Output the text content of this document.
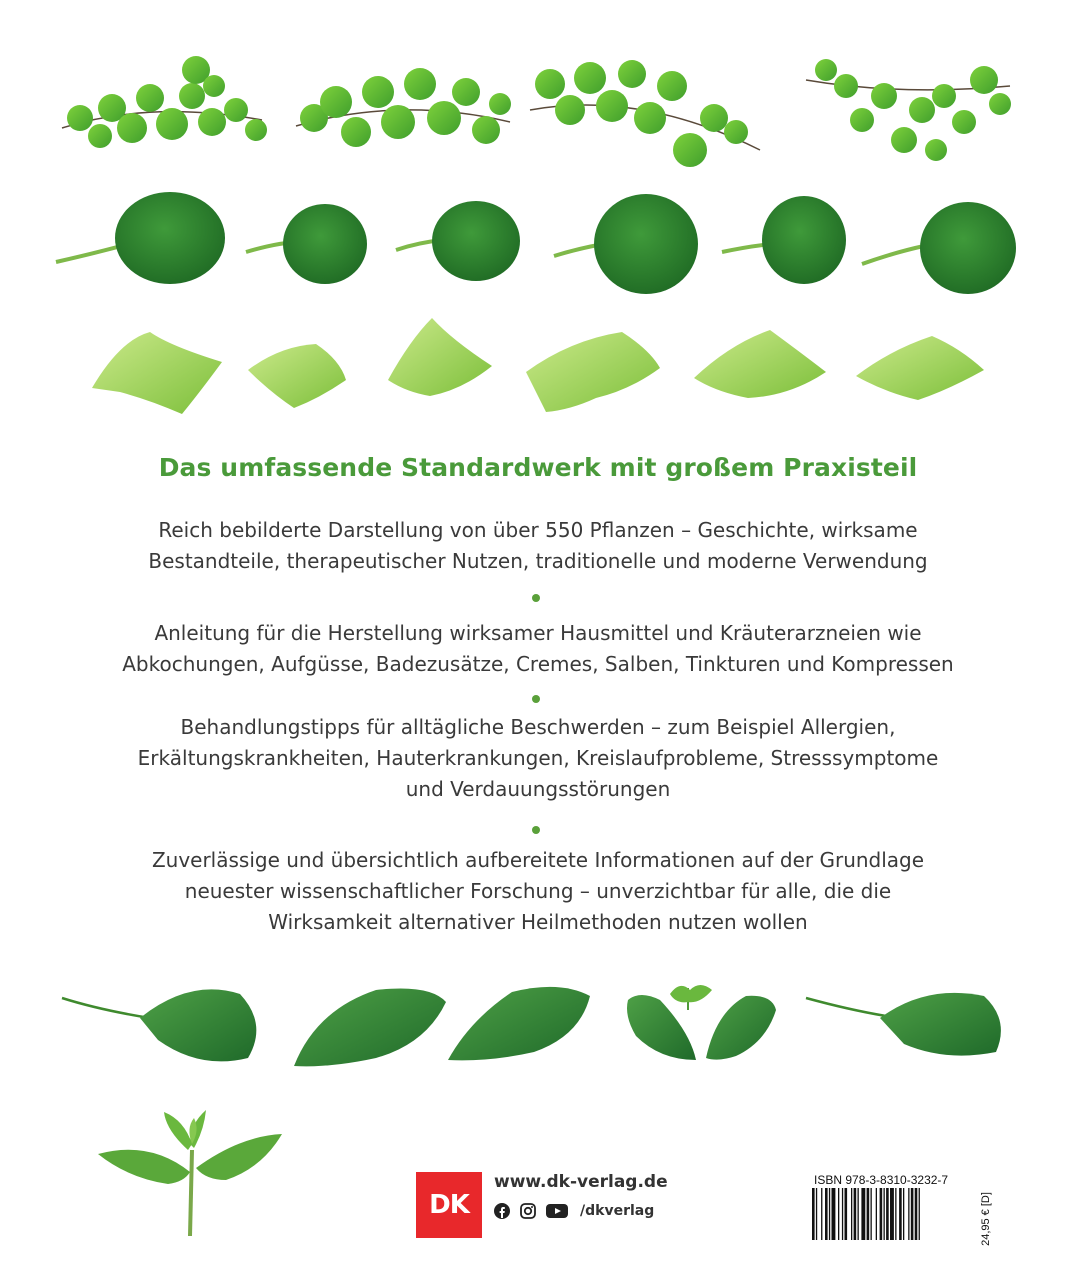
Das umfassende Standardwerk mit großem Praxisteil

Reich bebilderte Darstellung von über 550 Pflanzen – Geschichte, wirksame
Bestandteile, therapeutischer Nutzen, traditionelle und moderne Verwendung

Anleitung für die Herstellung wirksamer Hausmittel und Kräuterarzneien wie
Abkochungen, Aufgüsse, Badezusätze, Cremes, Salben, Tinkturen und Kompressen

Behandlungstipps für alltägliche Beschwerden – zum Beispiel Allergien,
Erkältungskrankheiten, Hauterkrankungen, Kreislaufprobleme, Stresssymptome
und Verdauungsstörungen

Zuverlässige und übersichtlich aufbereitete Informationen auf der Grundlage
neuester wissenschaftlicher Forschung – unverzichtbar für alle, die die
Wirksamkeit alternativer Heilmethoden nutzen wollen

DK
www.dk-verlag.de
/dkverlag
ISBN 978-3-8310-3232-7
24,95 € [D]
